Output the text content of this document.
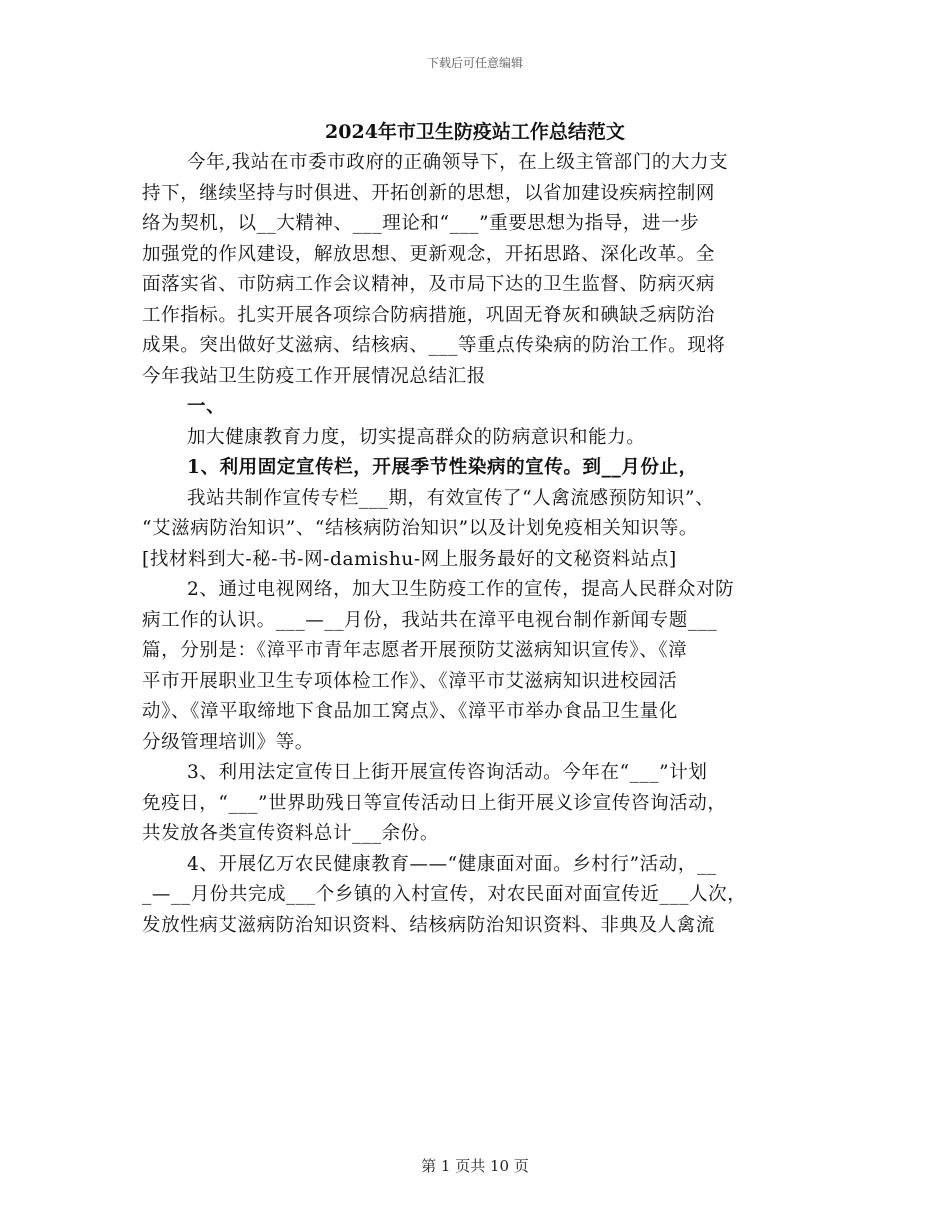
下载后可任意编辑
2024年市卫生防疫站工作总结范文

今年,我站在市委市政府的正确领导下，在上级主管部门的大力支
持下，继续坚持与时俱进、开拓创新的思想，以省加建设疾病控制网
络为契机，以__大精神、___理论和“___”重要思想为指导，进一步
加强党的作风建设，解放思想、更新观念，开拓思路、深化改革。全
面落实省、市防病工作会议精神，及市局下达的卫生监督、防病灭病
工作指标。扎实开展各项综合防病措施，巩固无脊灰和碘缺乏病防治
成果。突出做好艾滋病、结核病、___等重点传染病的防治工作。现将
今年我站卫生防疫工作开展情况总结汇报

一、

加大健康教育力度，切实提高群众的防病意识和能力。

1、利用固定宣传栏，开展季节性染病的宣传。到__月份止，

我站共制作宣传专栏___期，有效宣传了“人禽流感预防知识”、
“艾滋病防治知识”、“结核病防治知识”以及计划免疫相关知识等。
[找材料到大-秘-书-网-damishu-网上服务最好的文秘资料站点]

2、通过电视网络，加大卫生防疫工作的宣传，提高人民群众对防
病工作的认识。___—__月份，我站共在漳平电视台制作新闻专题___
篇，分别是：《漳平市青年志愿者开展预防艾滋病知识宣传》、《漳
平市开展职业卫生专项体检工作》、《漳平市艾滋病知识进校园活
动》、《漳平取缔地下食品加工窝点》、《漳平市举办食品卫生量化
分级管理培训》等。

3、利用法定宣传日上街开展宣传咨询活动。今年在“___”计划
免疫日，“___”世界助残日等宣传活动日上街开展义诊宣传咨询活动，
共发放各类宣传资料总计___余份。

4、开展亿万农民健康教育——“健康面对面。乡村行”活动，__
_—__月份共完成___个乡镇的入村宣传，对农民面对面宣传近___人次，
发放性病艾滋病防治知识资料、结核病防治知识资料、非典及人禽流

第 1 页共 10 页
